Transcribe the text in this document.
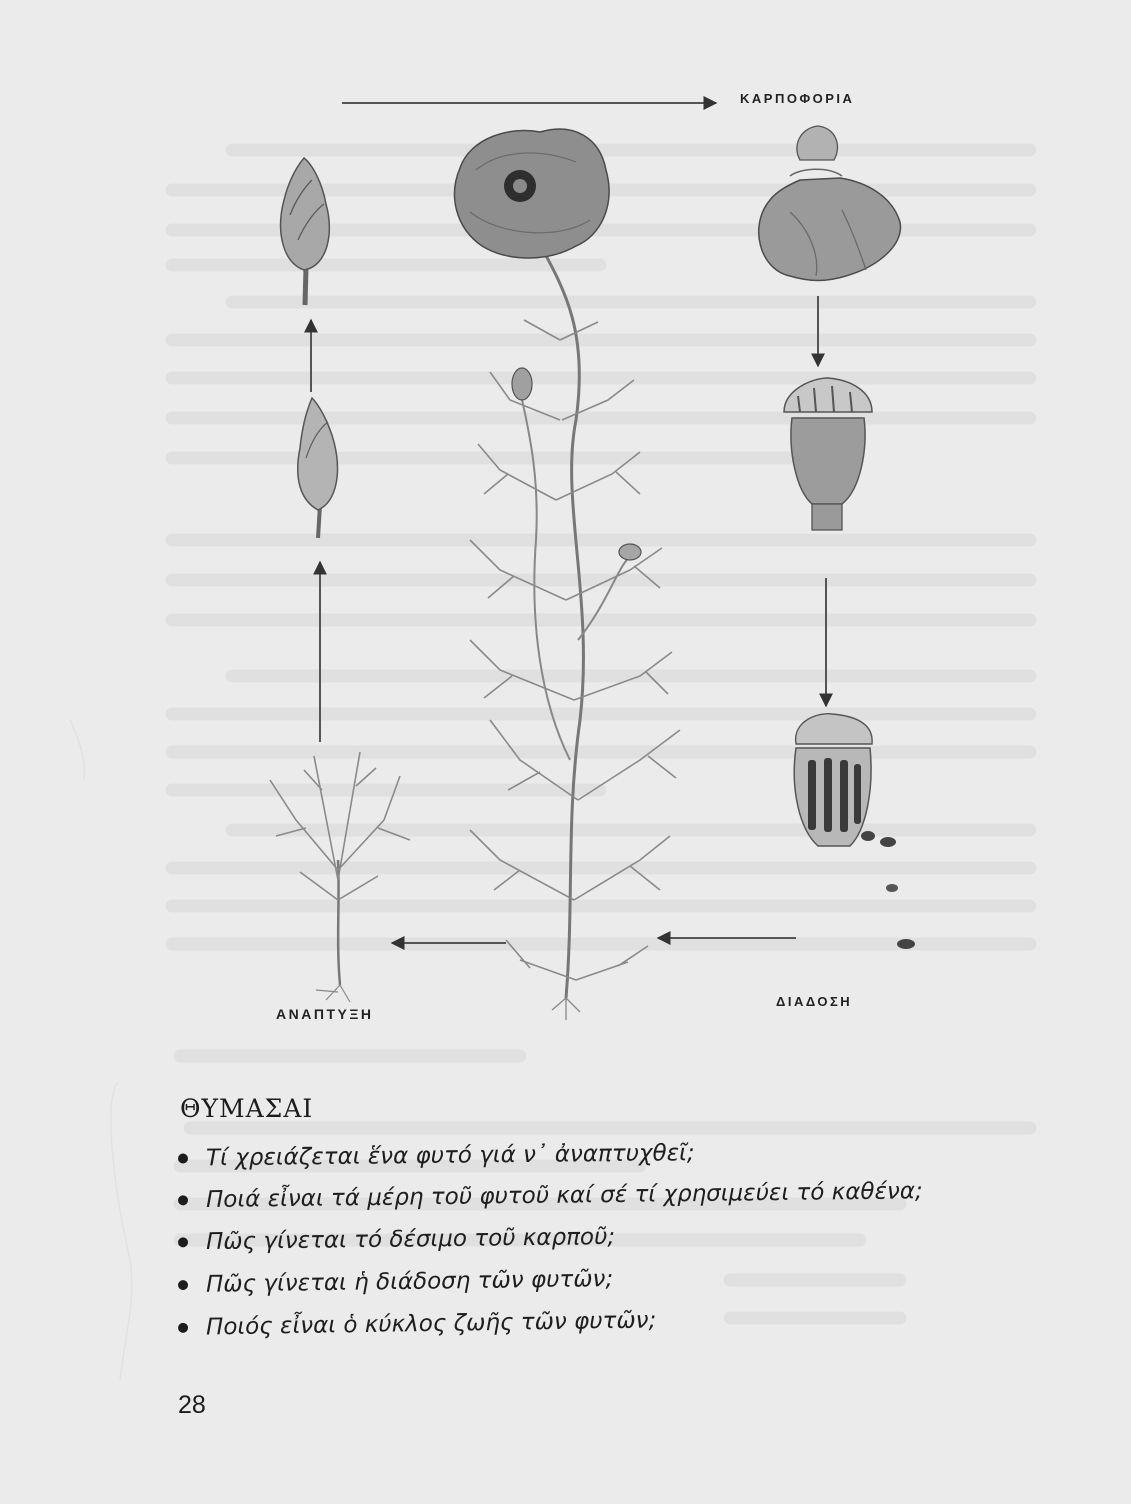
ΚΑΡΠΟΦΟΡΙΑ
ΑΝΑΠΤΥΞΗ
ΔΙΑΔΟΣΗ
ΘΥΜΑΣΑΙ
Τί χρειάζεται ἕνα φυτό γιά ν᾽ ἀναπτυχθεῖ;
Ποιά εἶναι τά μέρη τοῦ φυτοῦ καί σέ τί χρησιμεύει τό καθένα;
Πῶς γίνεται τό δέσιμο τοῦ καρποῦ;
Πῶς γίνεται ἡ διάδοση τῶν φυτῶν;
Ποιός εἶναι ὁ κύκλος ζωῆς τῶν φυτῶν;
28
